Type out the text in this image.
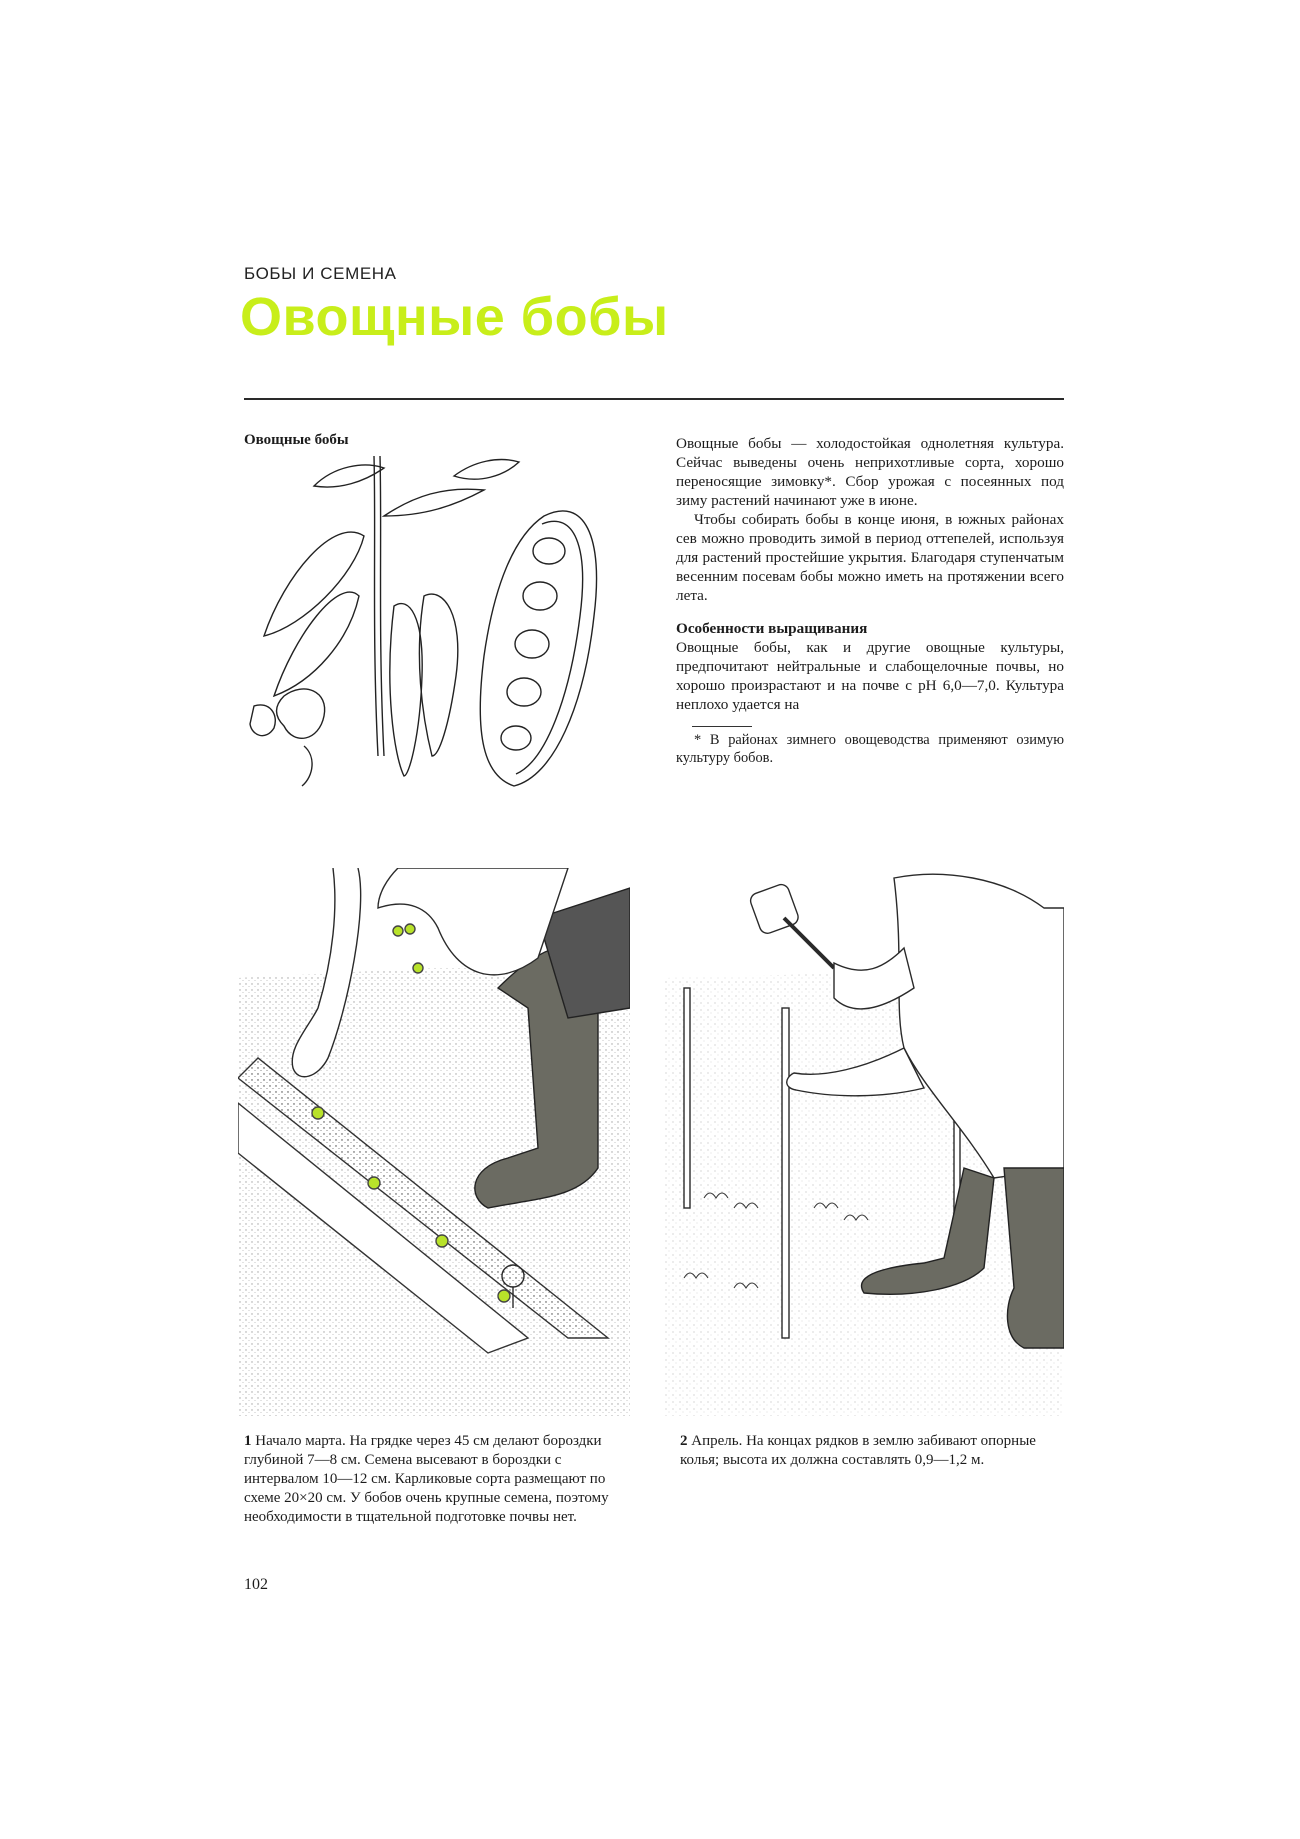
БОБЫ И СЕМЕНА
Овощные бобы
Овощные бобы	Овощные бобы — холодостойкая однолетняя культура. Сейчас выведены очень неприхотливые сорта, хорошо переносящие зимовку*. Сбор урожая с посеянных под зиму растений начинают уже в июне.

Чтобы собирать бобы в конце июня, в южных районах сев можно проводить зимой в период оттепелей, используя для растений простейшие укрытия. Благодаря ступенчатым весенним посевам бобы можно иметь на протяжении всего лета.

Особенности выращивания

Овощные бобы, как и другие овощные культуры, предпочитают нейтральные и слабощелочные почвы, но хорошо произрастают и на почве с pH 6,0—7,0. Культура неплохо удается на

* В районах зимнего овощеводства применяют озимую культуру бобов.

1 Начало марта. На грядке через 45 см делают бороздки глубиной 7—8 см. Семена высевают в бороздки с интервалом 10—12 см. Карликовые сорта размещают по схеме 20×20 см. У бобов очень крупные семена, поэтому необходимости в тщательной подготовке почвы нет.
2 Апрель. На концах рядков в землю забивают опорные колья; высота их должна составлять 0,9—1,2 м.
102
